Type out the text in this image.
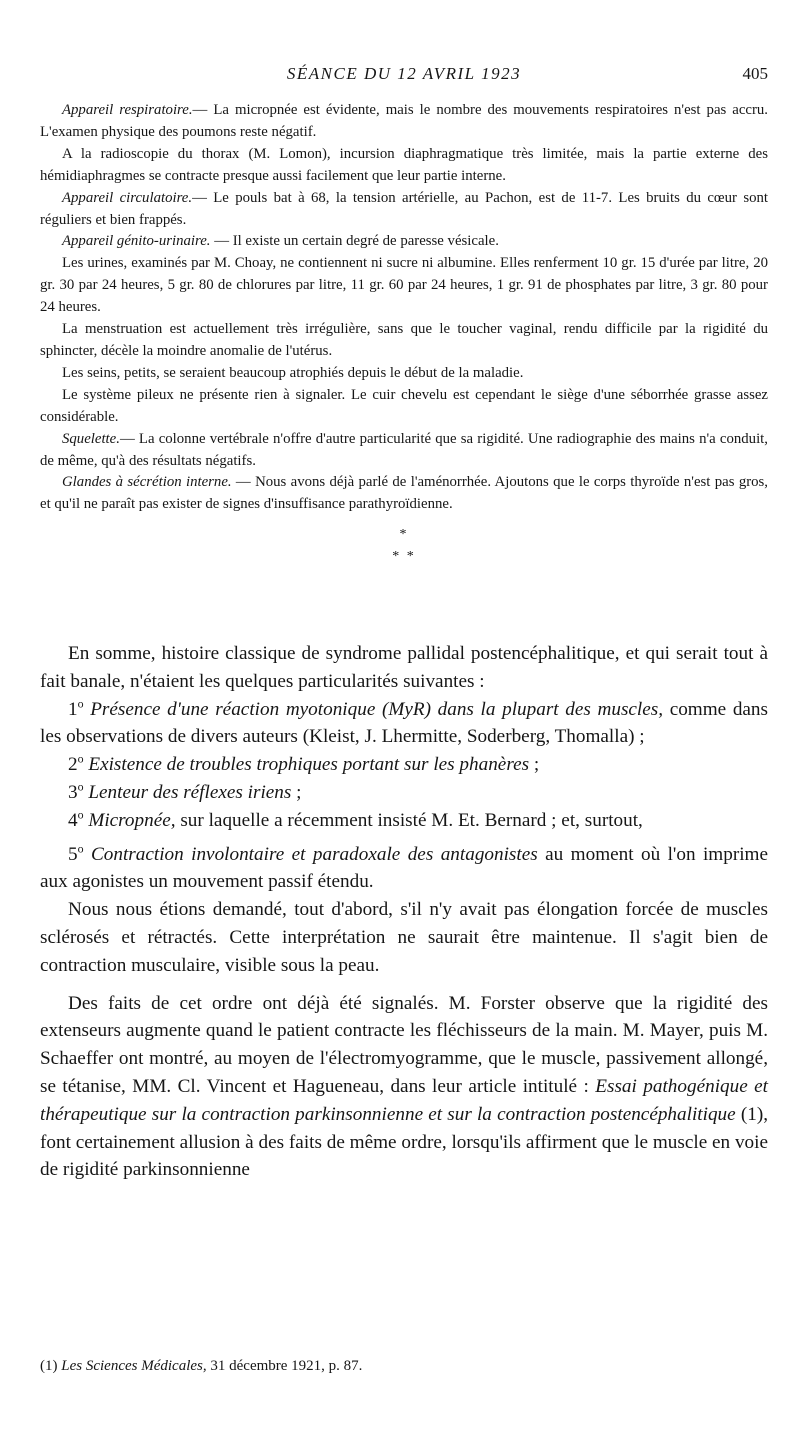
SÉANCE DU 12 AVRIL 1923	405

Appareil respiratoire.— La micropnée est évidente, mais le nombre des mouvements respiratoires n'est pas accru. L'examen physique des poumons reste négatif.

A la radioscopie du thorax (M. Lomon), incursion diaphragmatique très limitée, mais la partie externe des hémidiaphragmes se contracte presque aussi facilement que leur partie interne.

Appareil circulatoire.— Le pouls bat à 68, la tension artérielle, au Pachon, est de 11-7. Les bruits du cœur sont réguliers et bien frappés.

Appareil génito-urinaire. — Il existe un certain degré de paresse vésicale.

Les urines, examinés par M. Choay, ne contiennent ni sucre ni albumine. Elles renferment 10 gr. 15 d'urée par litre, 20 gr. 30 par 24 heures, 5 gr. 80 de chlorures par litre, 11 gr. 60 par 24 heures, 1 gr. 91 de phosphates par litre, 3 gr. 80 pour 24 heures.

La menstruation est actuellement très irrégulière, sans que le toucher vaginal, rendu difficile par la rigidité du sphincter, décèle la moindre anomalie de l'utérus.

Les seins, petits, se seraient beaucoup atrophiés depuis le début de la maladie.

Le système pileux ne présente rien à signaler. Le cuir chevelu est cependant le siège d'une séborrhée grasse assez considérable.

Squelette.— La colonne vertébrale n'offre d'autre particularité que sa rigidité. Une radiographie des mains n'a conduit, de même, qu'à des résultats négatifs.

Glandes à sécrétion interne. — Nous avons déjà parlé de l'aménorrhée. Ajoutons que le corps thyroïde n'est pas gros, et qu'il ne paraît pas exister de signes d'insuffisance parathyroïdienne.

*
* *

En somme, histoire classique de syndrome pallidal postencéphalitique, et qui serait tout à fait banale, n'étaient les quelques particularités suivantes :

1$^o$ Présence d'une réaction myotonique (MyR) dans la plupart des muscles, comme dans les observations de divers auteurs (Kleist, J. Lhermitte, Soderberg, Thomalla) ;

2$^o$ Existence de troubles trophiques portant sur les phanères ;

3$^o$ Lenteur des réflexes iriens ;

4$^o$ Micropnée, sur laquelle a récemment insisté M. Et. Bernard ; et, surtout,

5$^o$ Contraction involontaire et paradoxale des antagonistes au moment où l'on imprime aux agonistes un mouvement passif étendu.

Nous nous étions demandé, tout d'abord, s'il n'y avait pas élongation forcée de muscles sclérosés et rétractés. Cette interprétation ne saurait être maintenue. Il s'agit bien de contraction musculaire, visible sous la peau.

Des faits de cet ordre ont déjà été signalés. M. Forster observe que la rigidité des extenseurs augmente quand le patient contracte les fléchisseurs de la main. M. Mayer, puis M. Schaeffer ont montré, au moyen de l'électromyogramme, que le muscle, passivement allongé, se tétanise, MM. Cl. Vincent et Hagueneau, dans leur article intitulé : Essai pathogénique et thérapeutique sur la contraction parkinsonnienne et sur la contraction postencéphalitique (1), font certainement allusion à des faits de même ordre, lorsqu'ils affirment que le muscle en voie de rigidité parkinsonnienne

(1) Les Sciences Médicales, 31 décembre 1921, p. 87.
